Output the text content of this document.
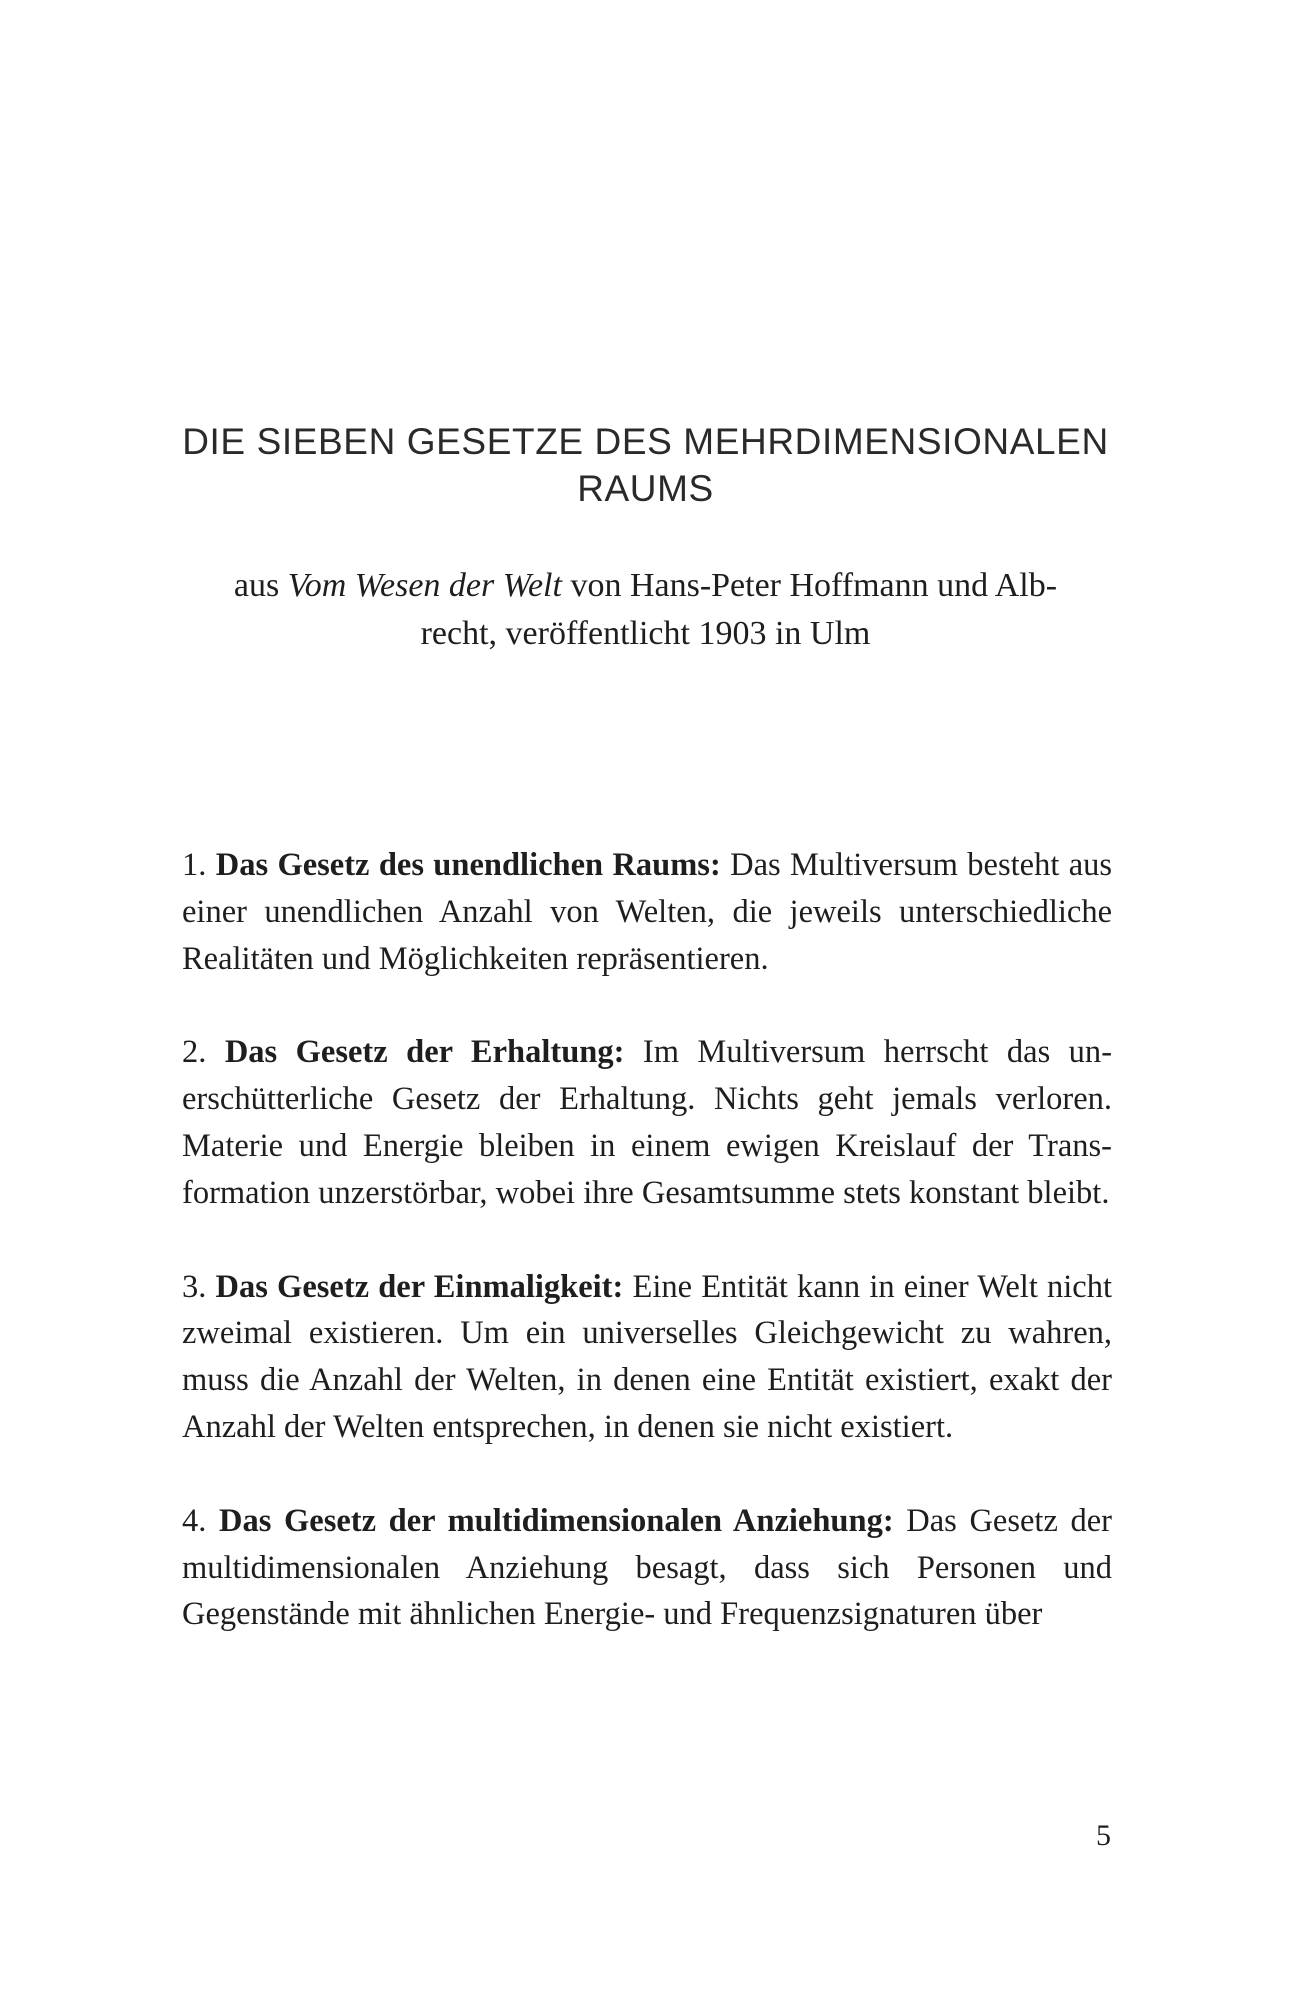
DIE SIEBEN GESETZE DES MEHRDIMENSIONALEN
RAUMS
aus Vom Wesen der Welt von Hans-Peter Hoffmann und Alb-
recht, veröffentlicht 1903 in Ulm

1. Das Gesetz des unendlichen Raums: Das Multiversum besteht aus einer unendlichen Anzahl von Welten, die jeweils unterschiedliche Realitäten und Möglichkeiten repräsentieren.

2. Das Gesetz der Erhaltung: Im Multiversum herrscht das unerschütterliche Gesetz der Erhaltung. Nichts geht jemals verloren. Materie und Energie bleiben in einem ewigen Kreislauf der Transformation unzerstörbar, wobei ihre Gesamtsumme stets konstant bleibt.

3. Das Gesetz der Einmaligkeit: Eine Entität kann in einer Welt nicht zweimal existieren. Um ein universelles Gleichgewicht zu wahren, muss die Anzahl der Welten, in denen eine Entität existiert, exakt der Anzahl der Welten entsprechen, in denen sie nicht existiert.

4. Das Gesetz der multidimensionalen Anziehung: Das Gesetz der multidimensionalen Anziehung besagt, dass sich Personen und Gegenstände mit ähnlichen Energie- und Frequenzsignaturen über

5
